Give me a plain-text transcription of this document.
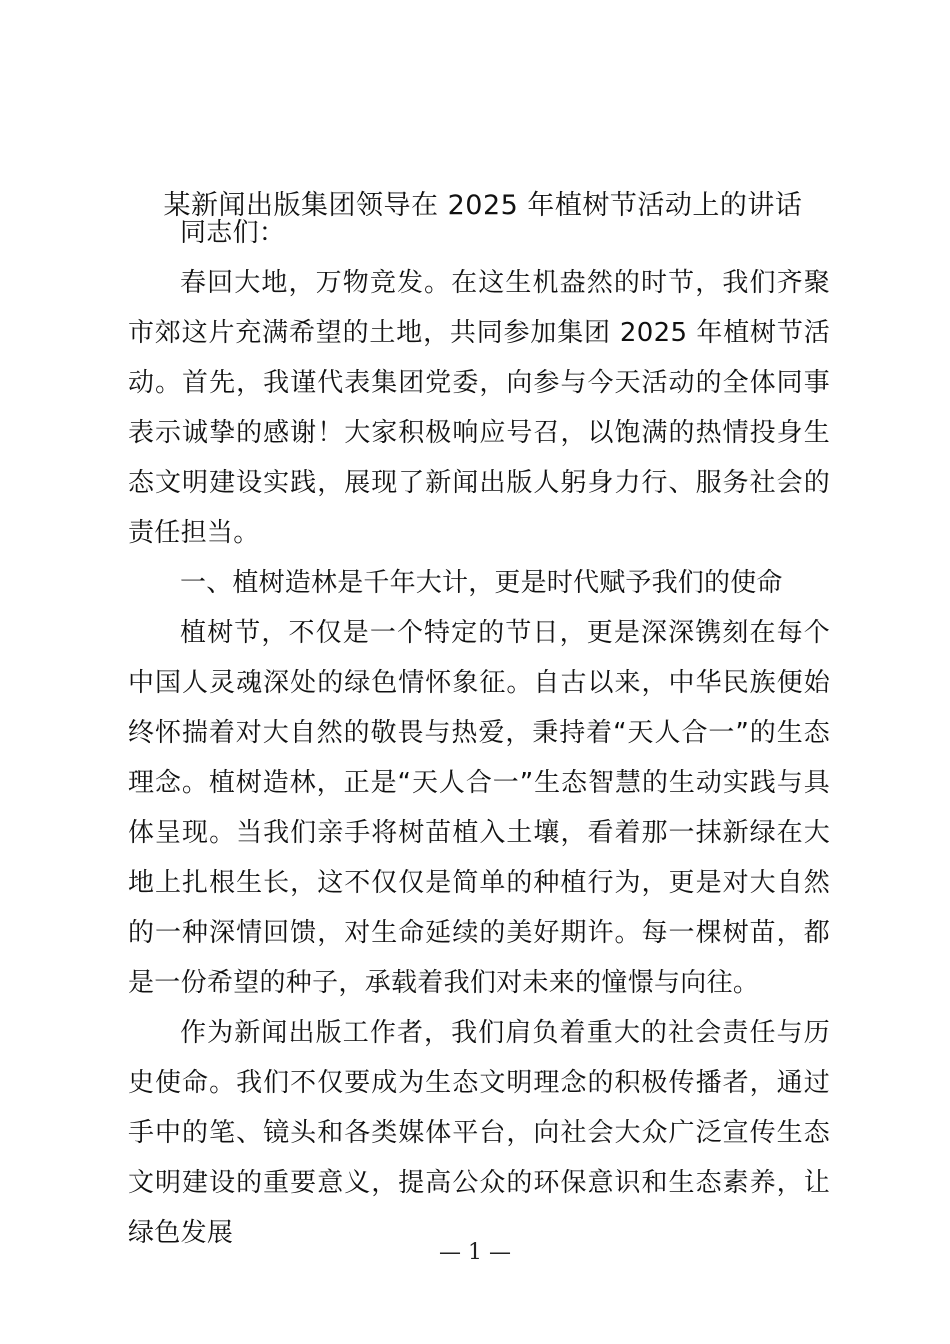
某新闻出版集团领导在 2025 年植树节活动上的讲话

同志们：

春回大地，万物竞发。在这生机盎然的时节，我们齐聚市郊这片充满希望的土地，共同参加集团 2025 年植树节活动。首先，我谨代表集团党委，向参与今天活动的全体同事表示诚挚的感谢！大家积极响应号召，以饱满的热情投身生态文明建设实践，展现了新闻出版人躬身力行、服务社会的责任担当。

一、植树造林是千年大计，更是时代赋予我们的使命

植树节，不仅是一个特定的节日，更是深深镌刻在每个中国人灵魂深处的绿色情怀象征。自古以来，中华民族便始终怀揣着对大自然的敬畏与热爱，秉持着“天人合一”的生态理念。植树造林，正是“天人合一”生态智慧的生动实践与具体呈现。当我们亲手将树苗植入土壤，看着那一抹新绿在大地上扎根生长，这不仅仅是简单的种植行为，更是对大自然的一种深情回馈，对生命延续的美好期许。每一棵树苗，都是一份希望的种子，承载着我们对未来的憧憬与向往。

作为新闻出版工作者，我们肩负着重大的社会责任与历史使命。我们不仅要成为生态文明理念的积极传播者，通过手中的笔、镜头和各类媒体平台，向社会大众广泛宣传生态文明建设的重要意义，提高公众的环保意识和生态素养，让绿色发展

— 1 —
